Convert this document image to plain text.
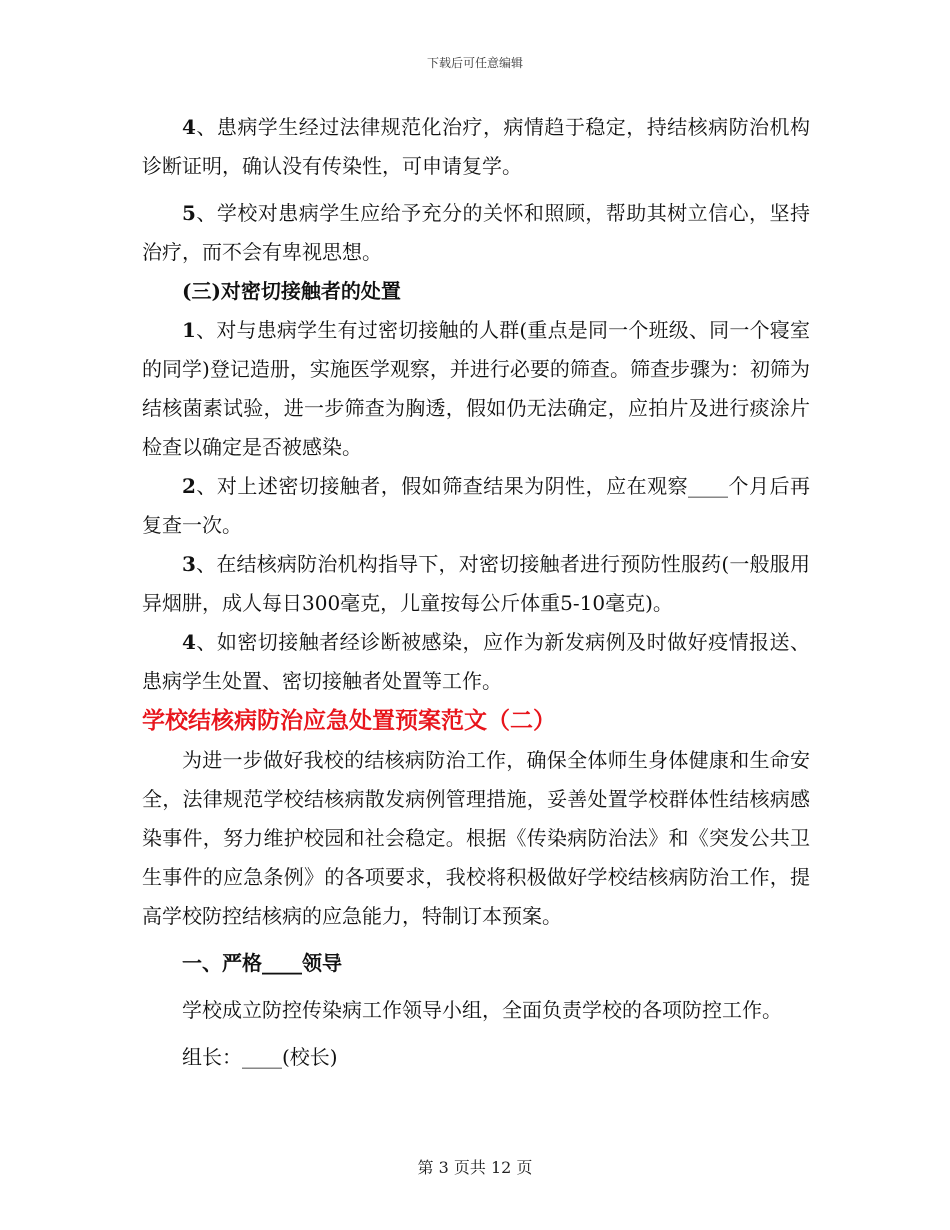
下载后可任意编辑

4、患病学生经过法律规范化治疗，病情趋于稳定，持结核病防治机构诊断证明，确认没有传染性，可申请复学。

5、学校对患病学生应给予充分的关怀和照顾，帮助其树立信心，坚持治疗，而不会有卑视思想。

(三)对密切接触者的处置

1、对与患病学生有过密切接触的人群(重点是同一个班级、同一个寝室的同学)登记造册，实施医学观察，并进行必要的筛查。筛查步骤为：初筛为结核菌素试验，进一步筛查为胸透，假如仍无法确定，应拍片及进行痰涂片检查以确定是否被感染。

2、对上述密切接触者，假如筛查结果为阴性，应在观察____个月后再复查一次。

3、在结核病防治机构指导下，对密切接触者进行预防性服药(一般服用异烟肼，成人每日300毫克，儿童按每公斤体重5-10毫克)。

4、如密切接触者经诊断被感染，应作为新发病例及时做好疫情报送、患病学生处置、密切接触者处置等工作。

学校结核病防治应急处置预案范文（二）

为进一步做好我校的结核病防治工作，确保全体师生身体健康和生命安全，法律规范学校结核病散发病例管理措施，妥善处置学校群体性结核病感染事件，努力维护校园和社会稳定。根据《传染病防治法》和《突发公共卫生事件的应急条例》的各项要求，我校将积极做好学校结核病防治工作，提高学校防控结核病的应急能力，特制订本预案。

一、严格____领导

学校成立防控传染病工作领导小组，全面负责学校的各项防控工作。

组长：____(校长)

第 3 页共 12 页
